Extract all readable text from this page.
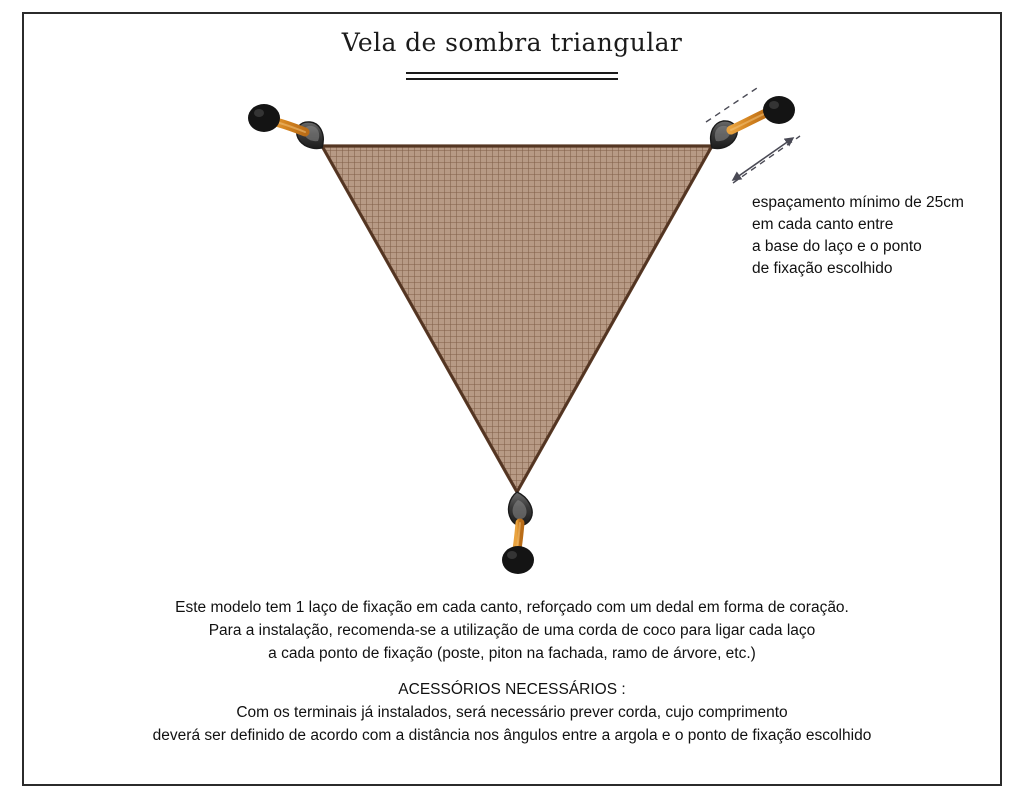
Vela de sombra triangular
espaçamento mínimo de 25cm
em cada canto entre
a base do laço e o ponto
de fixação escolhido
Este modelo tem 1 laço de fixação em cada canto, reforçado com um dedal em forma de coração.
Para a instalação, recomenda-se a utilização de uma corda de coco para ligar cada laço
a cada ponto de fixação (poste, piton na fachada, ramo de árvore, etc.)
ACESSÓRIOS NECESSÁRIOS :
Com os terminais já instalados, será necessário prever corda, cujo comprimento
deverá ser definido de acordo com a distância nos ângulos entre a argola e o ponto de fixação escolhido
